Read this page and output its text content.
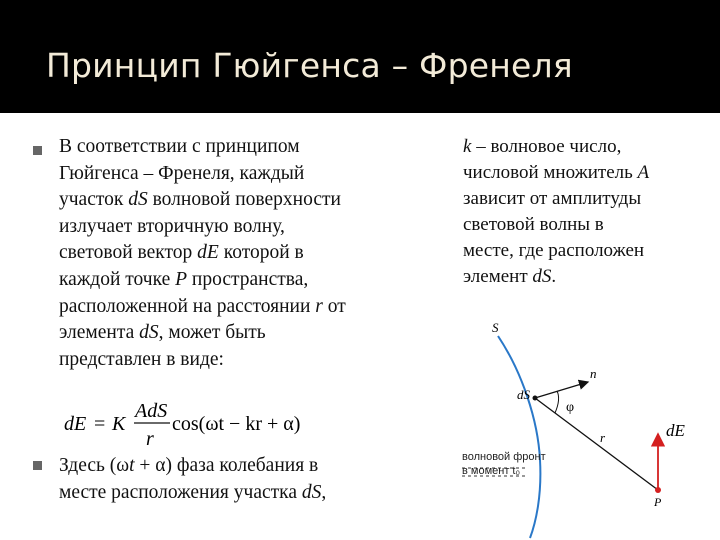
Принцип Гюйгенса – Френеля
В соответствии с принципом
Гюйгенса – Френеля, каждый
участок dS волновой поверхности
излучает вторичную волну,
световой вектор dE которой в
каждой точке P пространства,
расположенной на расстоянии r от
элемента dS, может быть
представлен в виде:
dE = K
AdS
r
cos(ωt − kr + α)
Здесь (ωt + α) фаза колебания в
месте расположения участка dS,
k – волновое число,
числовой множитель A
зависит от амплитуды
световой волны в
месте, где расположен
элемент dS.
S
dS
n
φ
r	dE
P
волновой фронт
в момент t₀
